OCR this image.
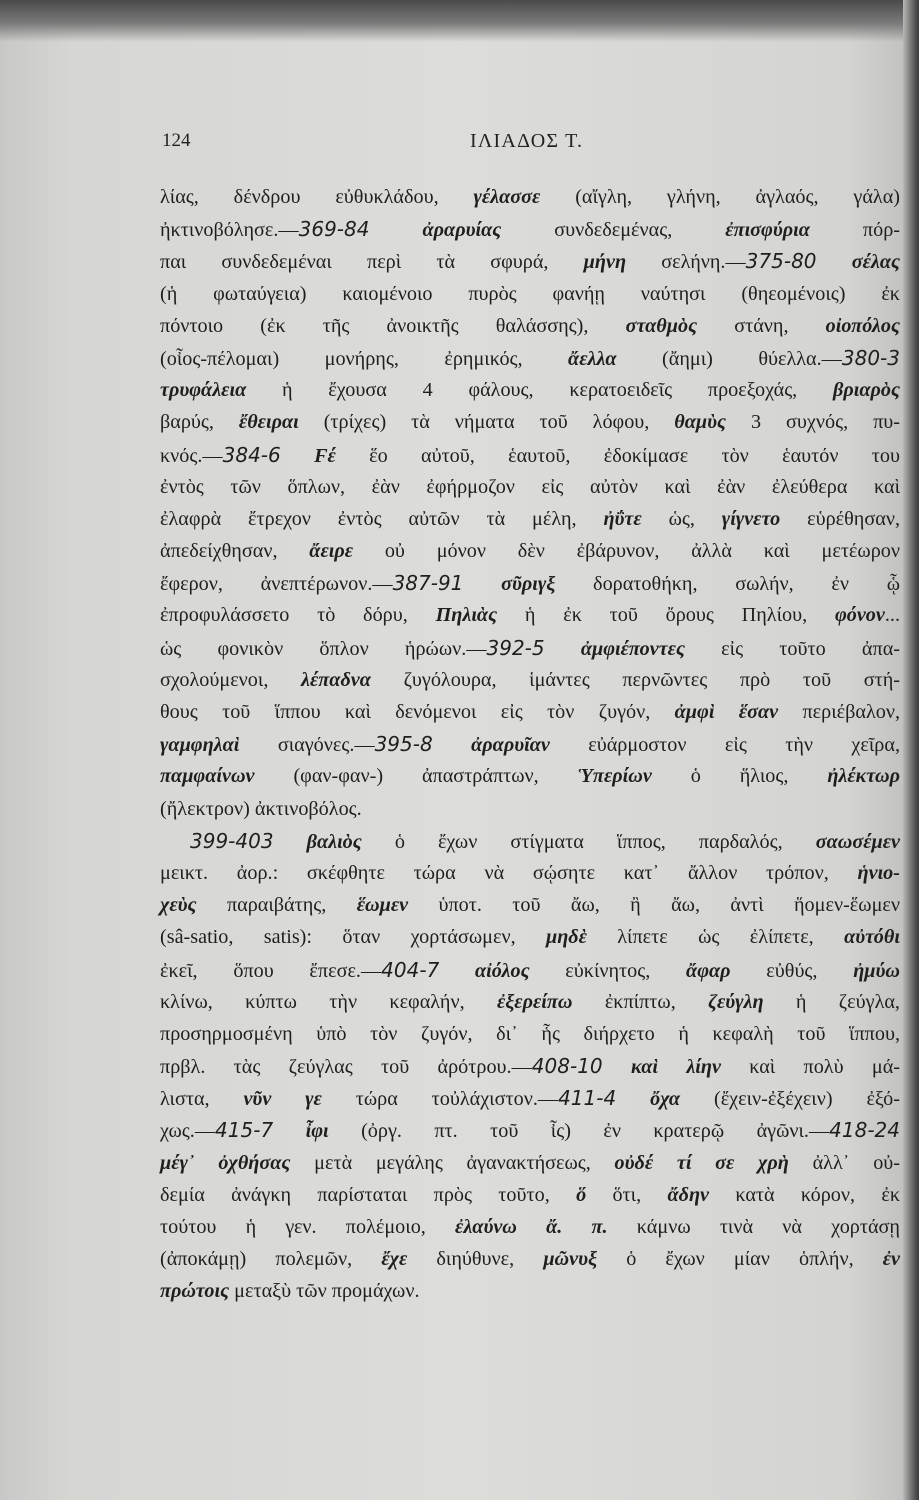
124	ΙΛΙΑΔΟΣ Τ.
λίας, δένδρου εὐθυκλάδου, γέλασσε (αἴγλη, γλήνη, ἀγλαός, γάλα)
ἠκτινοβόλησε.—369-84	ἀραρυίας συνδεδεμένας, ἐπισφύρια πόρ-
παι συνδεδεμέναι περὶ τὰ σφυρά, μήνη σελήνη.—375-80 σέλας
(ἡ φωταύγεια) καιομένοιο πυρὸς φανήῃ ναύτησι (θηεομένοις) ἐκ
πόντοιο (ἐκ τῆς ἀνοικτῆς θαλάσσης), σταθμὸς στάνη, οἰοπόλος
(οἶος-πέλομαι) μονήρης, ἐρημικός, ἄελλα (ἄημι) θύελλα.—380-3
τρυφάλεια ἡ ἔχουσα 4 φάλους, κερατοειδεῖς προεξοχάς, βριαρὸς
βαρύς, ἔθειραι (τρίχες) τὰ νήματα τοῦ λόφου, θαμὺς 3 συχνός, πυ-
κνός.—384-6 Ϝέ ἕο αὐτοῦ, ἑαυτοῦ, ἐδοκίμασε τὸν ἑαυτόν του
ἐντὸς τῶν ὅπλων, ἐὰν ἐφήρμοζον εἰς αὐτὸν καὶ ἐὰν ἐλεύθερα καὶ
ἐλαφρὰ ἔτρεχον ἐντὸς αὐτῶν τὰ μέλη, ἠΰτε ὡς, γίγνετο εὑρέθησαν,
ἀπεδείχθησαν, ἄειρε οὐ μόνον δὲν ἐβάρυνον, ἀλλὰ καὶ μετέωρον
ἔφερον, ἀνεπτέρωνον.—387-91 σῦριγξ δορατοθήκη, σωλήν, ἐν ᾧ
ἐπροφυλάσσετο τὸ δόρυ, Πηλιὰς ἡ ἐκ τοῦ ὄρους Πηλίου, φόνον...
ὡς φονικὸν ὅπλον ἡρώων.—392-5 ἀμφιέποντες εἰς τοῦτο ἀπα-
σχολούμενοι, λέπαδνα ζυγόλουρα, ἱμάντες περνῶντες πρὸ τοῦ στή-
θους τοῦ ἵππου καὶ δενόμενοι εἰς τὸν ζυγόν, ἀμφὶ ἕσαν περιέβαλον,
γαμφηλαὶ σιαγόνες.—395-8 ἀραρυῖαν εὐάρμοστον εἰς τὴν χεῖρα,
παμφαίνων (φαν-φαν-) ἀπαστράπτων, Ὑπερίων ὁ ἥλιος, ἠλέκτωρ
(ἤλεκτρον) ἀκτινοβόλος.
399-403 βαλιὸς ὁ ἔχων στίγματα ἵππος, παρδαλός, σαωσέμεν
μεικτ. ἀορ.: σκέφθητε τώρα νὰ σῴσητε κατ᾿ ἄλλον τρόπον, ἡνιο-
χεὺς παραιβάτης, ἕωμεν ὑποτ. τοῦ ἄω, ἢ ἄω, ἀντὶ ἥομεν-ἕωμεν
(sâ-satio, satis): ὅταν χορτάσωμεν, μηδὲ λίπετε ὡς ἐλίπετε, αὐτόθι
ἐκεῖ, ὅπου ἔπεσε.—404-7 αἰόλος εὐκίνητος, ἄφαρ εὐθύς, ἠμύω
κλίνω, κύπτω τὴν κεφαλήν, ἐξερείπω ἐκπίπτω, ζεύγλη ἡ ζεύγλα,
προσηρμοσμένη ὑπὸ τὸν ζυγόν, δι᾿ ἧς διήρχετο ἡ κεφαλὴ τοῦ ἵππου,
πρβλ. τὰς ζεύγλας τοῦ ἀρότρου.—408-10 καὶ λίην καὶ πολὺ μά-
λιστα, νῦν γε τώρα τοὐλάχιστον.—411-4 ὄχα (ἔχειν-ἐξέχειν) ἐξό-
χως.—415-7 ἶφι (ὀργ. πτ. τοῦ ἶς) ἐν κρατερῷ ἀγῶνι.—418-24
μέγ᾿ ὀχθήσας μετὰ μεγάλης ἀγανακτήσεως, οὐδέ τί σε χρὴ ἀλλ᾿ οὐ-
δεμία ἀνάγκη παρίσταται πρὸς τοῦτο, ὅ ὅτι, ἄδην κατὰ κόρον, ἐκ
τούτου ἡ γεν. πολέμοιο, ἐλαύνω ἄ. π. κάμνω τινὰ νὰ χορτάσῃ
(ἀποκάμῃ) πολεμῶν, ἔχε διηύθυνε, μῶνυξ ὁ ἔχων μίαν ὁπλήν, ἐν
πρώτοις μεταξὺ τῶν προμάχων.
